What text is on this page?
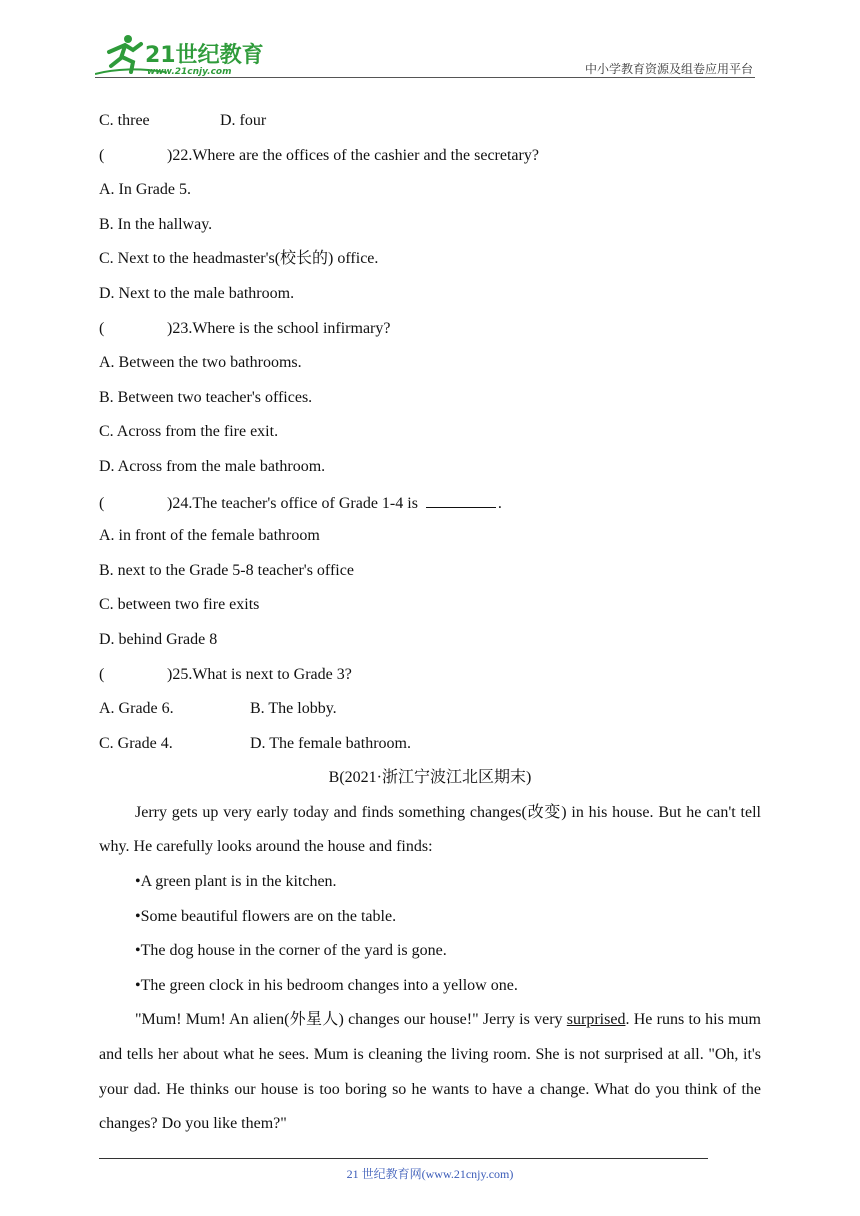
21世纪教育
www.21cnjy.com	中小学教育资源及组卷应用平台
C. three	D. four
(	)22.Where are the offices of the cashier and the secretary?
A. In Grade 5.
B. In the hallway.
C. Next to the headmaster's(校长的) office.
D. Next to the male bathroom.
(	)23.Where is the school infirmary?
A. Between the two bathrooms.
B. Between two teacher's offices.
C. Across from the fire exit.
D. Across from the male bathroom.
(	)24.The teacher's office of Grade 1-4 is	.
A. in front of the female bathroom
B. next to the Grade 5-8 teacher's office
C. between two fire exits
D. behind Grade 8
(	)25.What is next to Grade 3?
A. Grade 6.	B. The lobby.
C. Grade 4.	D. The female bathroom.
B(2021·浙江宁波江北区期末)
Jerry gets up very early today and finds something changes(改变) in his house. But he can't tell why. He carefully looks around the house and finds:
•A green plant is in the kitchen.
•Some beautiful flowers are on the table.
•The dog house in the corner of the yard is gone.
•The green clock in his bedroom changes into a yellow one.
"Mum! Mum! An alien(外星人) changes our house!" Jerry is very surprised. He runs to his mum and tells her about what he sees. Mum is cleaning the living room. She is not surprised at all. "Oh, it's your dad. He thinks our house is too boring so he wants to have a change. What do you think of the changes? Do you like them?"
21 世纪教育网(www.21cnjy.com)
